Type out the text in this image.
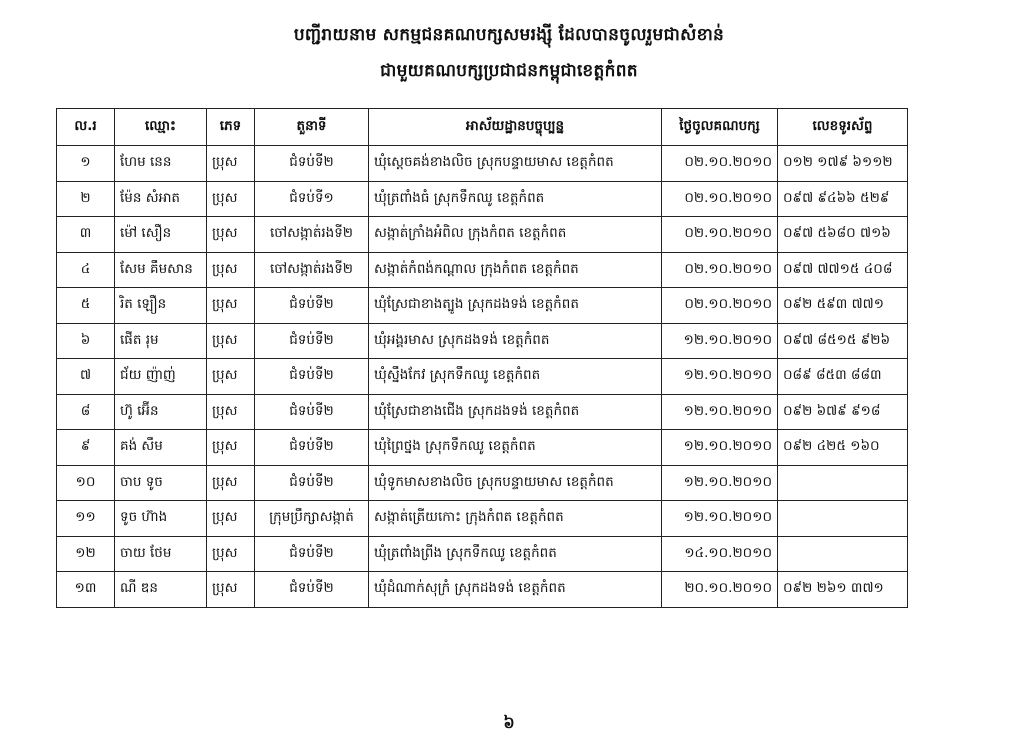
បញ្ជីរាយនាម សកម្មជនគណបក្សសមរង្ស៊ី ដែលបានចូលរួមជាសំខាន់
ជាមួយគណបក្សប្រជាជនកម្ពុជាខេត្តកំពត
ល.រ	ឈ្មោះ	ភេទ	តួនាទី	អាស័យដ្ឋានបច្ចុប្បន្ន	ថ្ងៃចូលគណបក្ស	លេខទូរស័ព្ទ
១	ហែម នេន	ប្រុស	ជំទប់ទី២	ឃុំស្តេចគង់ខាងលិច ស្រុកបន្ទាយមាស ខេត្តកំពត	០២.១០.២០១០	០១២ ១៧៩ ៦១១២
២	ម៉ែន សំអាត	ប្រុស	ជំទប់ទី១	ឃុំត្រពាំងធំ ស្រុកទឹកឈូ ខេត្តកំពត	០២.១០.២០១០	០៩៧ ៩៤៦៦ ៥២៩
៣	ម៉ៅ សឿន	ប្រុស	ចៅសង្កាត់រងទី២	សង្កាត់ក្រាំងអំពិល ក្រុងកំពត ខេត្តកំពត	០២.១០.២០១០	០៩៧ ៥៦៨០ ៧១៦
៤	សែម គឹមសាន	ប្រុស	ចៅសង្កាត់រងទី២	សង្កាត់កំពង់កណ្ដាល ក្រុងកំពត ខេត្តកំពត	០២.១០.២០១០	០៩៧ ៧៧១៥ ៤០៨
៥	រិត ឡឿន	ប្រុស	ជំទប់ទី២	ឃុំស្រែជាខាងត្បូង ស្រុកដងទង់ ខេត្តកំពត	០២.១០.២០១០	០៩២ ៥៩៣ ៧៧១
៦	ផើត រុម	ប្រុស	ជំទប់ទី២	ឃុំអង្គរមាស ស្រុកដងទង់ ខេត្តកំពត	១២.១០.២០១០	០៩៧ ៨៥១៥ ៩២៦
៧	ជ័យ ញ៉ាញ់	ប្រុស	ជំទប់ទី២	ឃុំស្នឹងកែវ ស្រុកទឹកឈូ ខេត្តកំពត	១២.១០.២០១០	០៨៩ ៨៥៣ ៨៨៣
៨	ហ៊ូ អ៊ើន	ប្រុស	ជំទប់ទី២	ឃុំស្រែជាខាងជើង ស្រុកដងទង់ ខេត្តកំពត	១២.១០.២០១០	០៩២ ៦៧៩ ៩១៨
៩	គង់ សឹម	ប្រុស	ជំទប់ទី២	ឃុំព្រៃថ្នង ស្រុកទឹកឈូ ខេត្តកំពត	១២.១០.២០១០	០៩២ ៤២៥ ១៦០
១០	ចាប ទូច	ប្រុស	ជំទប់ទី២	ឃុំទូកមាសខាងលិច ស្រុកបន្ទាយមាស ខេត្តកំពត	១២.១០.២០១០	
១១	ទូច ហ៊ាង	ប្រុស	ក្រុមប្រឹក្សាសង្កាត់	សង្កាត់ត្រើយកោះ ក្រុងកំពត ខេត្តកំពត	១២.១០.២០១០	
១២	ចាយ ថែម	ប្រុស	ជំទប់ទី២	ឃុំត្រពាំងព្រីង ស្រុកទឹកឈូ ខេត្តកំពត	១៤.១០.២០១០	
១៣	ណី ឌន	ប្រុស	ជំទប់ទី២	ឃុំដំណាក់សុក្រំ ស្រុកដងទង់ ខេត្តកំពត	២០.១០.២០១០	០៩២ ២៦១ ៣៧១
៦
